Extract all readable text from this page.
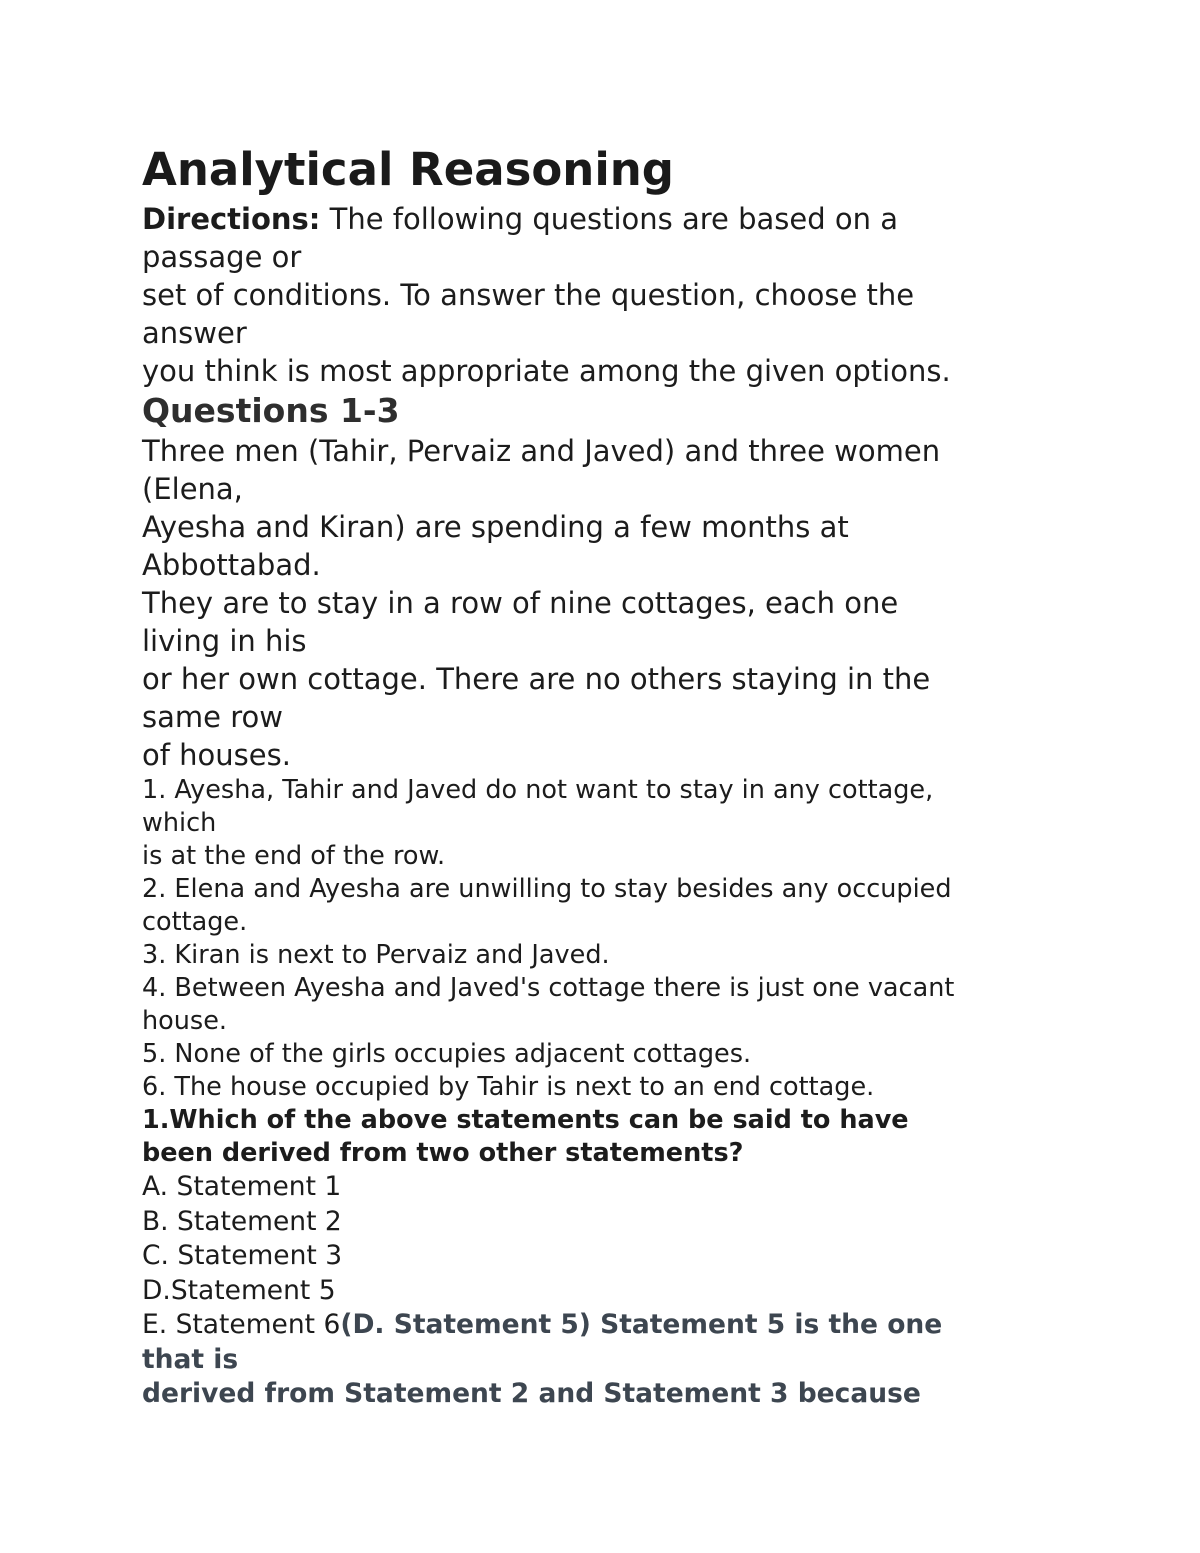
Analytical Reasoning
Directions: The following questions are based on a
passage or
set of conditions. To answer the question, choose the
answer
you think is most appropriate among the given options.
Questions 1-3
Three men (Tahir, Pervaiz and Javed) and three women
(Elena,
Ayesha and Kiran) are spending a few months at
Abbottabad.
They are to stay in a row of nine cottages, each one
living in his
or her own cottage. There are no others staying in the
same row
of houses.
1. Ayesha, Tahir and Javed do not want to stay in any cottage,
which
is at the end of the row.
2. Elena and Ayesha are unwilling to stay besides any occupied
cottage.
3. Kiran is next to Pervaiz and Javed.
4. Between Ayesha and Javed's cottage there is just one vacant
house.
5. None of the girls occupies adjacent cottages.
6. The house occupied by Tahir is next to an end cottage.
1.Which of the above statements can be said to have
been derived from two other statements?
A. Statement 1
B. Statement 2
C. Statement 3
D.Statement 5
E. Statement 6(D. Statement 5) Statement 5 is the one
that is
derived from Statement 2 and Statement 3 because
